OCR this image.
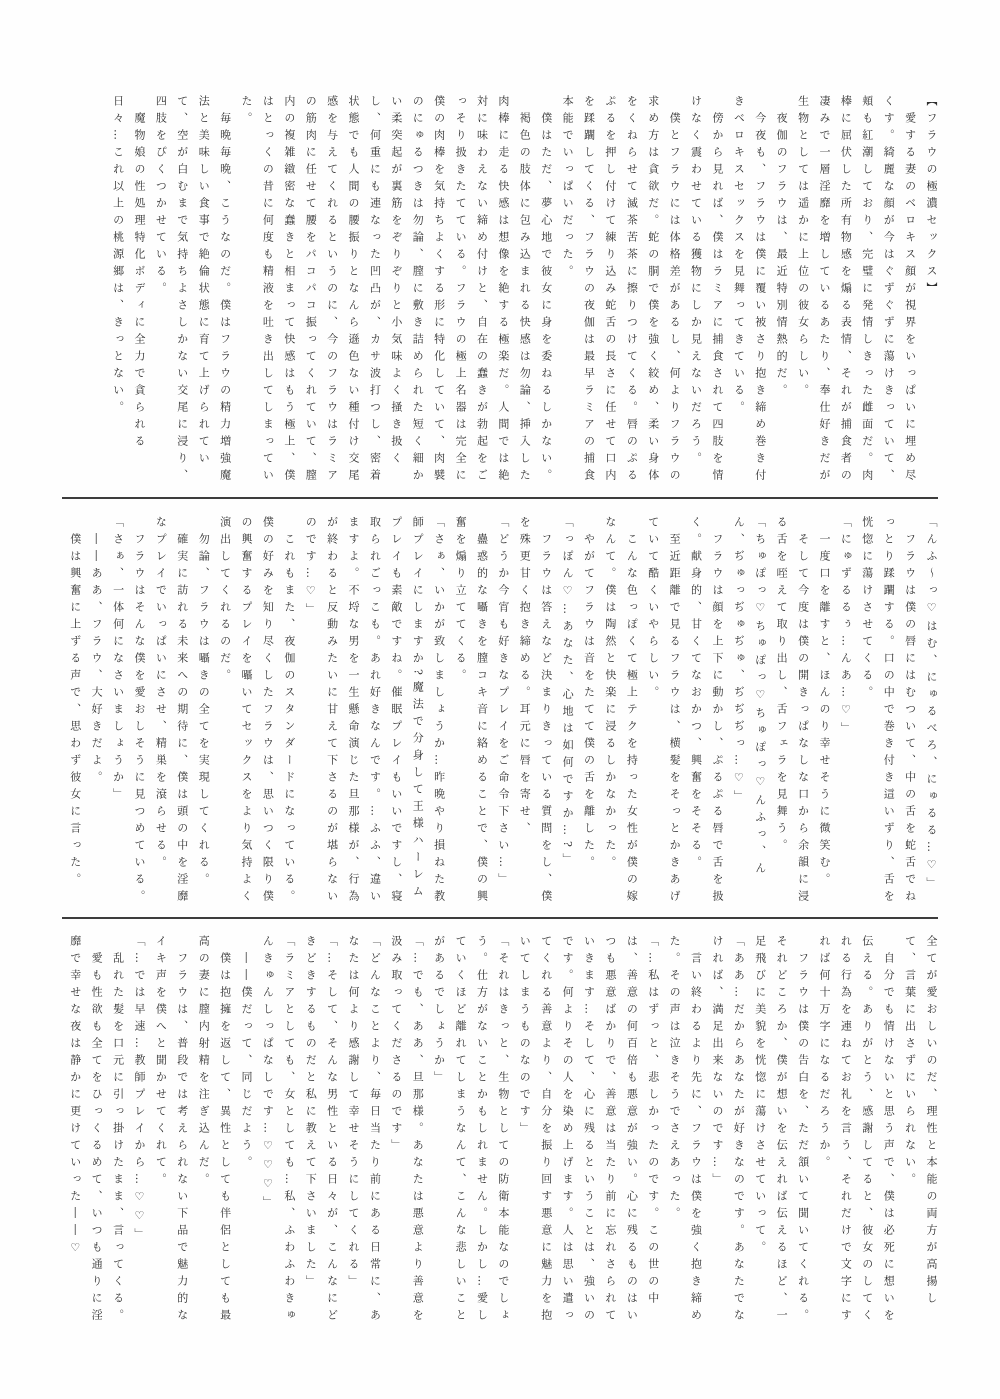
【フラウの極濃セックス】

愛する妻のベロキス顔が視界をいっぱいに埋め尽くす。綺麗な顔が今はぐずぐずに蕩けきっていて、頬も紅潮しており、完璧に発情しきった雌面だ。肉棒に屈伏した所有物感を煽る表情、それが捕食者の凄みで一層淫靡を増しているあたり、奉仕好きだが生物としては遥かに上位の彼女らしい。

夜伽のフラウは、最近特別情熱的だ。

今夜も、フラウは僕に覆い被さり抱き締め巻き付きベロキスセックスを見舞ってきている。

傍から見れば、僕はラミアに捕食されて四肢を情けなく震わせている獲物にしか見えないだろう。

僕とフラウには体格差があるし、何よりフラウの求め方は貪欲だ。蛇の胴で僕を強く絞め、柔い身体をくねらせて滅茶苦茶に擦りつけてくる。唇のぷるぷるを押し付けて練り込み蛇舌の長さに任せて口内を蹂躙してくる、フラウの夜伽は最早ラミアの捕食本能でいっぱいだった。

僕はただ、夢心地で彼女に身を委ねるしかない。

褐色の肢体に包み込まれる快感は勿論、挿入した肉棒に走る快感は想像を絶する極楽だ。人間では絶対に味わえない締め付けと、自在の蠢きが勃起をごっそり扱きたてている。フラウの極上名器は完全に僕の肉棒を気持ちよくする形に特化していて、肉襞のにゅるつきは勿論、膣に敷き詰められた短く細かい柔突起が裏筋をぞりぞりと小気味よく掻き扱くし、何重にも連なった凹凸が、カサ波打つし、密着状態でも人間の腰振りとなんら遜色ない種付け交尾感を与えてくれるというのに、今のフラウはラミアの筋肉に任せて腰をパコパコ振ってくれていて、膣内の複雑緻密な蠢きと相まって快感はもう極上、僕はとっくの昔に何度も精液を吐き出してしまっていた。

毎晩毎晩、こうなのだ。僕はフラウの精力増強魔法と美味しい食事で絶倫状態に育て上げられていて、空が白むまで気持ちよさしかない交尾に浸り、四肢をぴくつかせている。

魔物娘の性処理特化ボディに全力で貪られる日々…これ以上の桃源郷は、きっとない。

「んふ〜っ♡はむ、にゅるべろ、にゅるる…♡」

フラウは僕の唇にはむついて、中の舌を蛇舌でねっとり蹂躙する。口の中で巻き付き這いずり、舌を恍惚に蕩けさせてくる。

「にゅずるるぅ…んあ…♡」

一度口を離すと、ほんのり幸せそうに微笑む。

そして今度は僕の開きっぱなしな口から余韻に浸る舌を咥えて取り出し、舌フェラを見舞う。

「ちゅぽっ♡ちゅぽっ♡ちゅぽっ♡んふっ、んん、ぢゅっぢゅぢゅ、ぢぢぢっ…♡」

フラウは顔を上下に動かし、ぷるぷる唇で舌を扱く。献身的、甘くてなおかつ、興奮をそそる。

至近距離で見るフラウは、横髪をそっとかきあげていて酷くいやらしい。

こんな色っぽくて極上テクを持った女性が僕の嫁なんて。僕は陶然と快楽に浸るしかなかった。

やがてフラウは音をたてて僕の舌を離した。

「っぽん♡…あなた、心地は如何ですか…?」

フラウは答えなど決まりきっている質問をし、僕を殊更甘く抱き締める。耳元に唇を寄せ、

「どうか今宵も好きなプレイをご命令下さい…」

蠱惑的な囁きを膣コキ音に絡めることで、僕の興奮を煽り立ててくる。

「さぁ、いかが致しましょうか…昨晩やり損ねた教師プレイにしますか?魔法で分身して王様ハーレムプレイも素敵ですね。催眠プレイもいいですし、寝取られごっこも。あれ好きなんです。…ふふ、違いますよ。不埒な男を一生懸命演じた旦那様が、行為が終わると反動みたいに甘えて下さるのが堪らないのです…♡」

これもまた、夜伽のスタンダードになっている。僕の好みを知り尽くしたフラウは、思いつく限り僕の興奮するプレイを囁いてセックスをより気持よく演出してくれるのだ。

勿論、フラウは囁きの全てを実現してくれる。

確実に訪れる未来への期待に、僕は頭の中を淫靡なプレイでいっぱいにさせ、精巣を滾らせる。

フラウはそんな僕を愛おしそうに見つめている。

「さぁ、一体何になさいましょうか」

――ああ、フラウ、大好きだよ。

僕は興奮に上ずる声で、思わず彼女に言った。

全てが愛おしいのだ、理性と本能の両方が高揚して、言葉に出さずにいられない。

自分でも情けないと思う声で、僕は必死に想いを伝える。ありがとう、感謝してると、彼女のしてくれる行為を連ねてお礼を言う、それだけで文字にすれば何十万字になるだろうか。

フラウは僕の告白を、ただ頷いて聞いてくれる。それどころか、僕が想いを伝えれば伝えるほど、一足飛びに美貌を恍惚に蕩けさせていって。

「ああ…だからあなたが好きなのです。あなたでなければ、満足出来ないのです…」

言い終わるより先に、フラウは僕を強く抱き締めた。その声は泣きそうでさえあった。

「…私はずっと、悲しかったのです。この世の中は、善意の何百倍も悪意が強い。心に残るものはいつも悪意ばかりで、善意は当たり前に忘れさられていきます…そして、心に残るということは、強いのです。何よりその人を染め上げます。人は思い遣ってくれる善意より、自分を振り回す悪意に魅力を抱いてしまうものなのです」

「それはきっと、生物としての防衛本能なのでしょう。仕方がないことかもしれません。しかし…愛していくほど離れてしまうなんて、こんな悲しいことがあるでしょうか」

「…でも、ああ、旦那様。あなたは悪意より善意を汲み取ってくださるのです」

「どんなことより、毎日当たり前にある日常に、あなたは何より感謝して幸せそうにしてくれる」

「…そして、そんな男性といる日々が、こんなにどきどきするものだと私に教えて下さいました」

「ラミアとしても、女としても…私、ふわふわきゅんきゅんしっぱなしです…♡♡♡」

――僕だって、同じだよう。

僕は抱擁を返して、異性としても伴侶としても最高の妻に膣内射精を注ぎ込んだ。

フラウは、普段では考えられない下品で魅力的なイキ声を僕へと聞かせてくれて。

「…では早速…教師プレイから…♡♡」

乱れた髪を口元に引っ掛けたまま、言ってくる。

愛も性欲も全てをひっくるめて、いつも通りに淫靡で幸せな夜は静かに更けていった――♡
